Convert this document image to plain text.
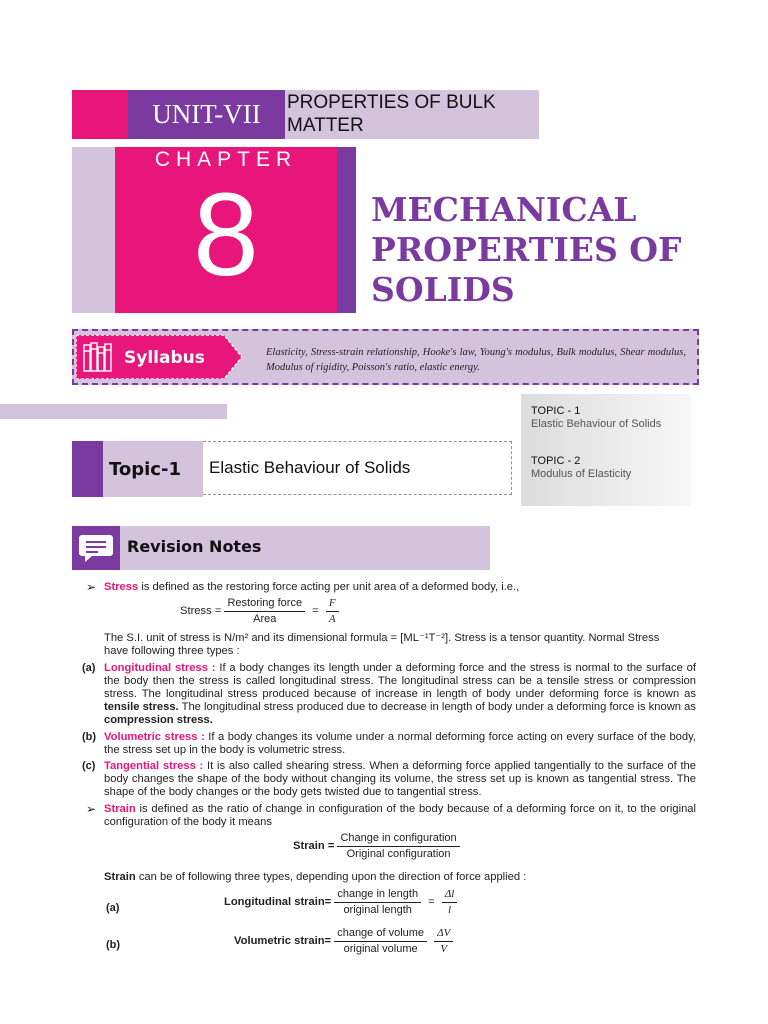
UNIT-VII	PROPERTIES OF BULK MATTER
CHAPTER
8	MECHANICAL
PROPERTIES OF
SOLIDS
Syllabus	Elasticity, Stress-strain relationship, Hooke's law, Young's modulus, Bulk modulus, Shear modulus, Modulus of rigidity, Poisson's ratio, elastic energy.
TOPIC - 1
Elastic Behaviour of Solids
TOPIC - 2
Modulus of Elasticity
Topic-1	Elastic Behaviour of Solids
Revision Notes
➢ Stress is defined as the restoring force acting per unit area of a deformed body, i.e.,
Stress = $\frac{\text{Restoring force}}{\text{Area}} = \frac{F}{A}$
The S.I. unit of stress is N/m² and its dimensional formula = [ML⁻¹T⁻²]. Stress is a tensor quantity. Normal Stress
have following three types :
(a) Longitudinal stress : If a body changes its length under a deforming force and the stress is normal to the surface of the body then the stress is called longitudinal stress. The longitudinal stress can be a tensile stress or compression stress. The longitudinal stress produced because of increase in length of body under deforming force is known as tensile stress. The longitudinal stress produced due to decrease in length of body under a deforming force is known as compression stress.
(b) Volumetric stress : If a body changes its volume under a normal deforming force acting on every surface of the body, the stress set up in the body is volumetric stress.
(c) Tangential stress : It is also called shearing stress. When a deforming force applied tangentially to the surface of the body changes the shape of the body without changing its volume, the stress set up is known as tangential stress. The shape of the body changes or the body gets twisted due to tangential stress.
➢ Strain is defined as the ratio of change in configuration of the body because of a deforming force on it, to the original configuration of the body it means
Strain = $\frac{\text{Change in configuration}}{\text{Original configuration}}$
Strain can be of following three types, depending upon the direction of force applied :
(a)	Longitudinal strain= $\frac{\text{change in length}}{\text{original length}} = \frac{\Delta l}{l}$
(b)	Volumetric strain= $\frac{\text{change of volume}}{\text{original volume}}$
$\frac{\Delta V}{V}$
